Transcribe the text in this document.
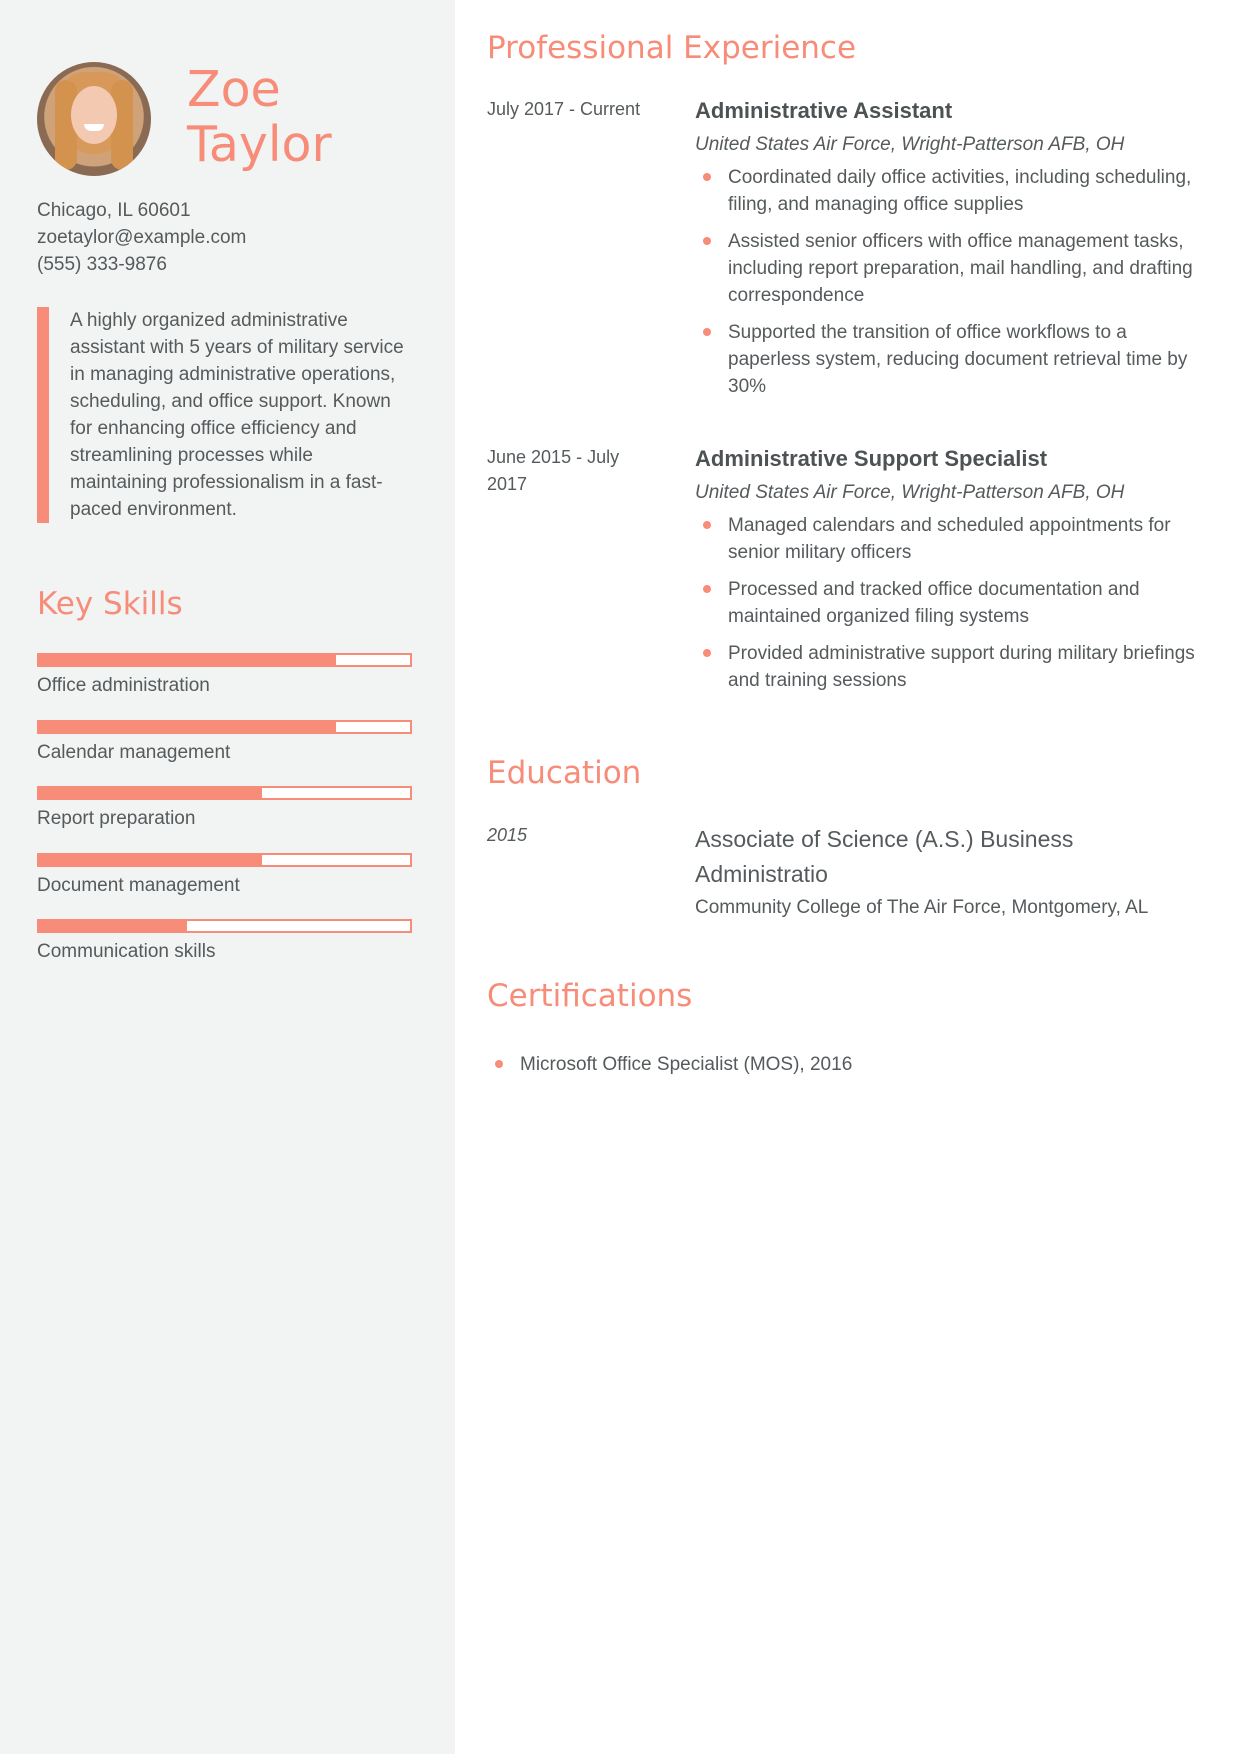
Zoe
Taylor
Chicago, IL 60601
zoetaylor@example.com
(555) 333-9876
A highly organized administrative assistant with 5 years of military service in managing administrative operations, scheduling, and office support. Known for enhancing office efficiency and streamlining processes while maintaining professionalism in a fast-paced environment.
Key Skills
Office administration
Calendar management
Report preparation
Document management
Communication skills
Professional Experience
July 2017 - Current	Administrative Assistant
United States Air Force, Wright-Patterson AFB, OH
Coordinated daily office activities, including scheduling, filing, and managing office supplies
Assisted senior officers with office management tasks, including report preparation, mail handling, and drafting correspondence
Supported the transition of office workflows to a paperless system, reducing document retrieval time by 30%
June 2015 - July 2017
Administrative Support Specialist
United States Air Force, Wright-Patterson AFB, OH
Managed calendars and scheduled appointments for senior military officers
Processed and tracked office documentation and maintained organized filing systems
Provided administrative support during military briefings and training sessions
Education
2015	Associate of Science (A.S.) Business Administratio
Community College of The Air Force, Montgomery, AL
Certifications
Microsoft Office Specialist (MOS), 2016
